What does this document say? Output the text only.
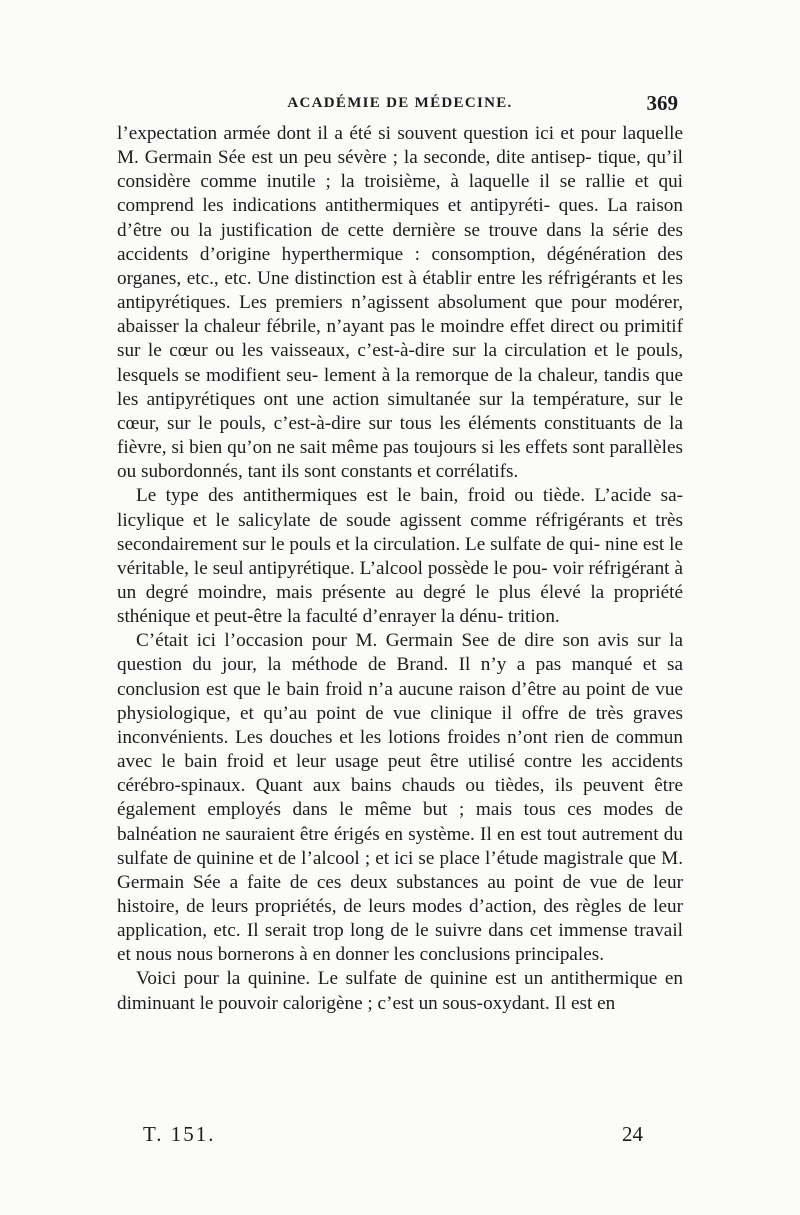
ACADÉMIE DE MÉDECINE.	369

l’expectation armée dont il a été si souvent question ici et pour laquelle M. Germain Sée est un peu sévère ; la seconde, dite antisep- tique, qu’il considère comme inutile ; la troisième, à laquelle il se rallie et qui comprend les indications antithermiques et antipyréti- ques. La raison d’être ou la justification de cette dernière se trouve dans la série des accidents d’origine hyperthermique : consomption, dégénération des organes, etc., etc. Une distinction est à établir entre les réfrigérants et les antipyrétiques. Les premiers n’agissent absolument que pour modérer, abaisser la chaleur fébrile, n’ayant pas le moindre effet direct ou primitif sur le cœur ou les vaisseaux, c’est-à-dire sur la circulation et le pouls, lesquels se modifient seu- lement à la remorque de la chaleur, tandis que les antipyrétiques ont une action simultanée sur la température, sur le cœur, sur le pouls, c’est-à-dire sur tous les éléments constituants de la fièvre, si bien qu’on ne sait même pas toujours si les effets sont parallèles ou subordonnés, tant ils sont constants et corrélatifs.

Le type des antithermiques est le bain, froid ou tiède. L’acide sa- licylique et le salicylate de soude agissent comme réfrigérants et très secondairement sur le pouls et la circulation. Le sulfate de qui- nine est le véritable, le seul antipyrétique. L’alcool possède le pou- voir réfrigérant à un degré moindre, mais présente au degré le plus élevé la propriété sthénique et peut-être la faculté d’enrayer la dénu- trition.

C’était ici l’occasion pour M. Germain See de dire son avis sur la question du jour, la méthode de Brand. Il n’y a pas manqué et sa conclusion est que le bain froid n’a aucune raison d’être au point de vue physiologique, et qu’au point de vue clinique il offre de très graves inconvénients. Les douches et les lotions froides n’ont rien de commun avec le bain froid et leur usage peut être utilisé contre les accidents cérébro-spinaux. Quant aux bains chauds ou tièdes, ils peuvent être également employés dans le même but ; mais tous ces modes de balnéation ne sauraient être érigés en système. Il en est tout autrement du sulfate de quinine et de l’alcool ; et ici se place l’étude magistrale que M. Germain Sée a faite de ces deux substances au point de vue de leur histoire, de leurs propriétés, de leurs modes d’action, des règles de leur application, etc. Il serait trop long de le suivre dans cet immense travail et nous nous bornerons à en donner les conclusions principales.

Voici pour la quinine. Le sulfate de quinine est un antithermique en diminuant le pouvoir calorigène ; c’est un sous-oxydant. Il est en

T. 151.	24
